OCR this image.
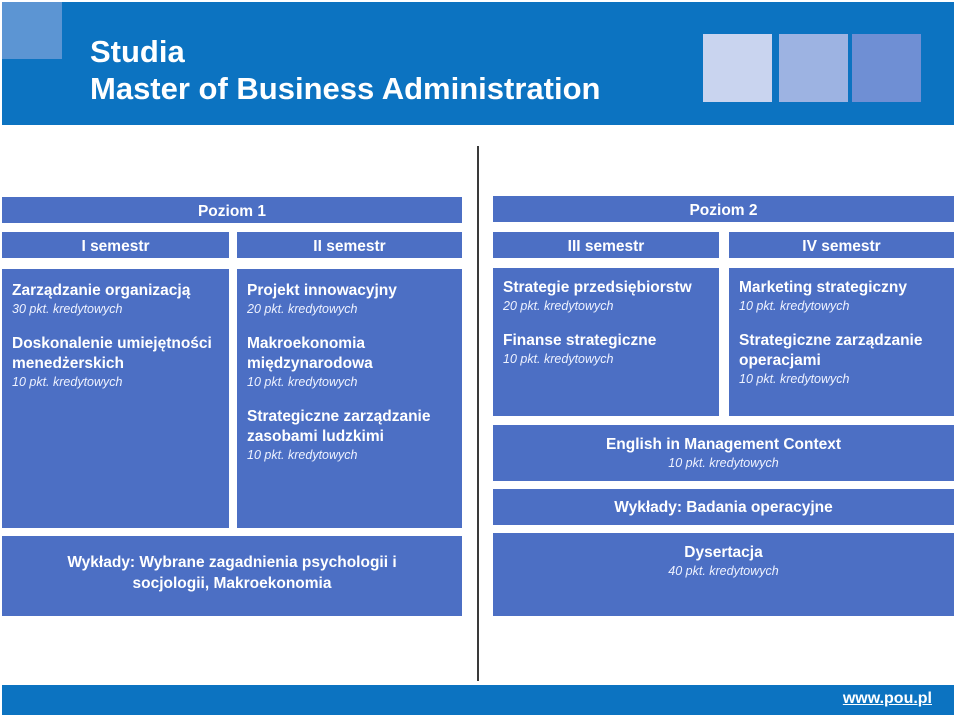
Studia
Master of Business Administration
Poziom 1
I semestr	II semestr
Zarządzanie organizacją
30 pkt. kredytowych
Doskonalenie umiejętności menedżerskich
10 pkt. kredytowych
Projekt innowacyjny
20 pkt. kredytowych
Makroekonomia międzynarodowa
10 pkt. kredytowych
Strategiczne zarządzanie zasobami ludzkimi
10 pkt. kredytowych
Wykłady: Wybrane zagadnienia psychologii i socjologii, Makroekonomia
Poziom 2
III semestr	IV semestr
Strategie przedsiębiorstw
20 pkt. kredytowych
Finanse strategiczne
10 pkt. kredytowych
Marketing strategiczny
10 pkt. kredytowych
Strategiczne zarządzanie operacjami
10 pkt. kredytowych
English in Management Context
10 pkt. kredytowych
Wykłady: Badania operacyjne
Dysertacja
40 pkt. kredytowych
www.pou.pl
